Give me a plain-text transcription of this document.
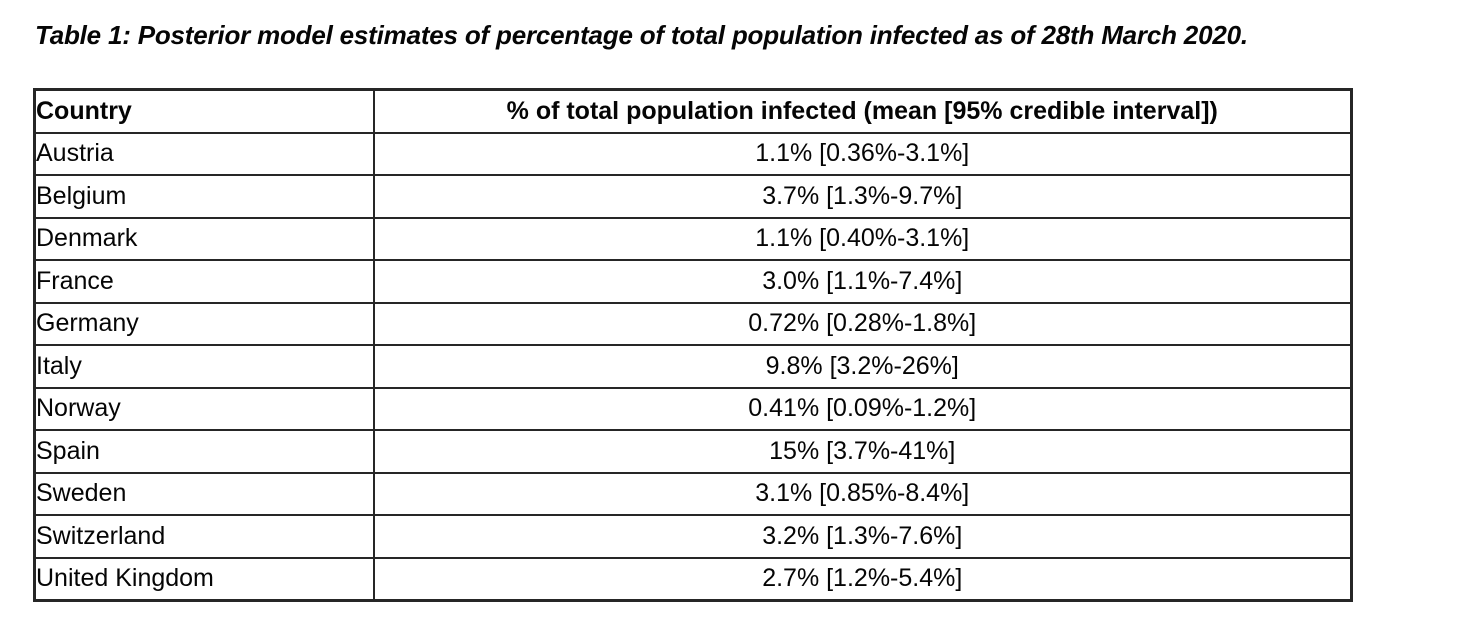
Table 1: Posterior model estimates of percentage of total population infected as of 28th March 2020.
Country	% of total population infected (mean [95% credible interval])
Austria	1.1% [0.36%-3.1%]
Belgium	3.7% [1.3%-9.7%]
Denmark	1.1% [0.40%-3.1%]
France	3.0% [1.1%-7.4%]
Germany	0.72% [0.28%-1.8%]
Italy	9.8% [3.2%-26%]
Norway	0.41% [0.09%-1.2%]
Spain	15% [3.7%-41%]
Sweden	3.1% [0.85%-8.4%]
Switzerland	3.2% [1.3%-7.6%]
United Kingdom	2.7% [1.2%-5.4%]
